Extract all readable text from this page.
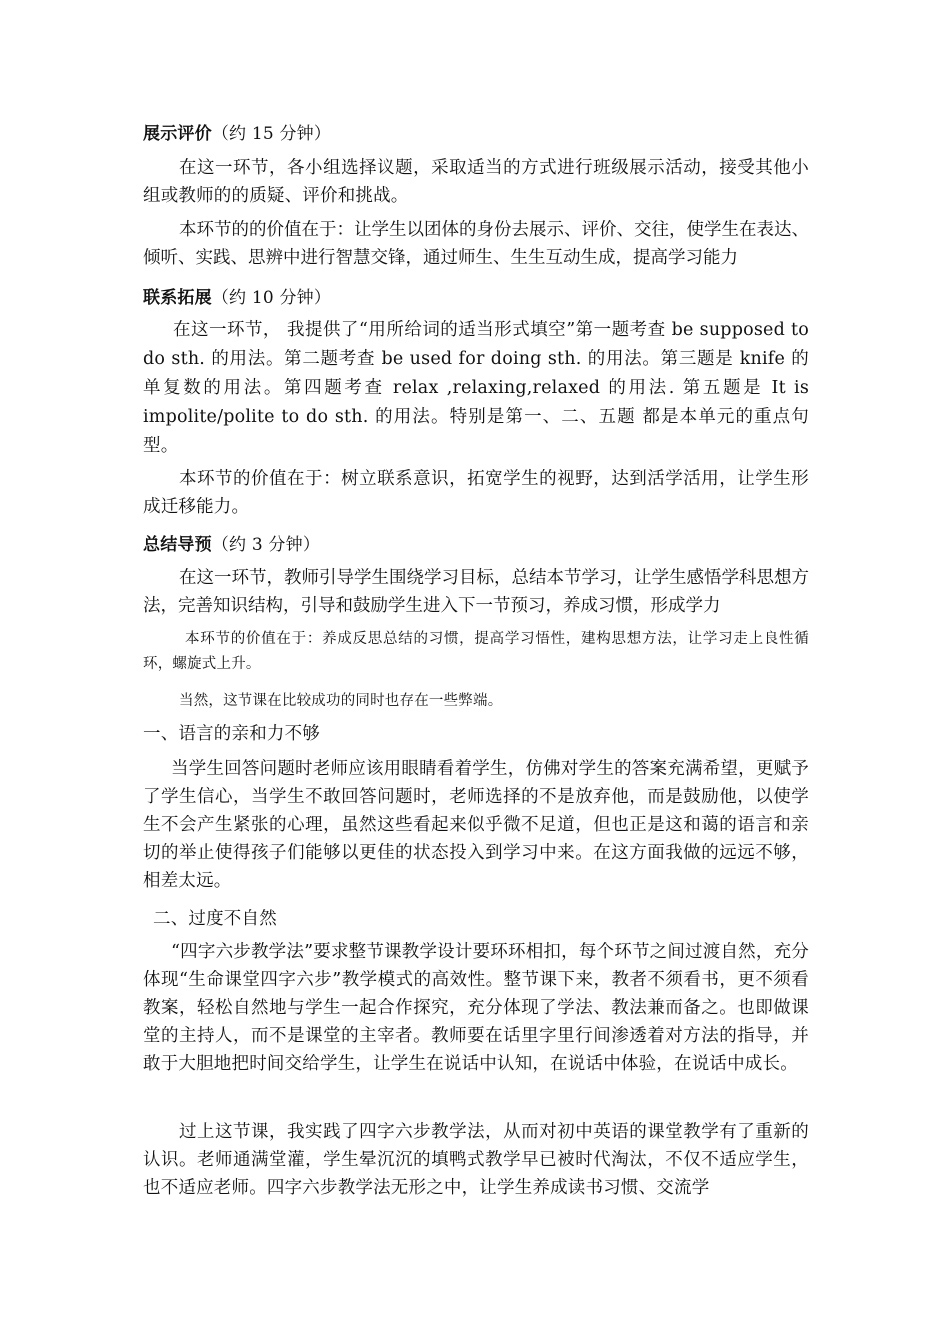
展示评价（约 15 分钟）

在这一环节，各小组选择议题，采取适当的方式进行班级展示活动，接受其他小组或教师的的质疑、评价和挑战。

本环节的的价值在于：让学生以团体的身份去展示、评价、交往，使学生在表达、倾听、实践、思辨中进行智慧交锋，通过师生、生生互动生成，提高学习能力

联系拓展（约 10 分钟）

在这一环节， 我提供了“用所给词的适当形式填空”第一题考查 be supposed to do sth. 的用法。第二题考查 be used for doing sth. 的用法。第三题是 knife 的单复数的用法。第四题考查 relax ,relaxing,relaxed 的用法. 第五题是 It is impolite/polite to do sth. 的用法。特别是第一、二、五题 都是本单元的重点句型。

本环节的价值在于：树立联系意识，拓宽学生的视野，达到活学活用，让学生形成迁移能力。

总结导预（约 3 分钟）

在这一环节，教师引导学生围绕学习目标，总结本节学习，让学生感悟学科思想方法，完善知识结构，引导和鼓励学生进入下一节预习，养成习惯，形成学力

本环节的价值在于：养成反思总结的习惯，提高学习悟性，建构思想方法，让学习走上良性循环，螺旋式上升。

当然，这节课在比较成功的同时也存在一些弊端。

一、语言的亲和力不够

当学生回答问题时老师应该用眼睛看着学生，仿佛对学生的答案充满希望，更赋予了学生信心，当学生不敢回答问题时，老师选择的不是放弃他，而是鼓励他，以使学生不会产生紧张的心理，虽然这些看起来似乎微不足道，但也正是这和蔼的语言和亲切的举止使得孩子们能够以更佳的状态投入到学习中来。在这方面我做的远远不够，相差太远。

二、过度不自然

“四字六步教学法”要求整节课教学设计要环环相扣，每个环节之间过渡自然，充分体现“生命课堂四字六步”教学模式的高效性。整节课下来，教者不须看书，更不须看教案，轻松自然地与学生一起合作探究，充分体现了学法、教法兼而备之。也即做课堂的主持人，而不是课堂的主宰者。教师要在话里字里行间渗透着对方法的指导，并敢于大胆地把时间交给学生，让学生在说话中认知，在说话中体验，在说话中成长。

过上这节课，我实践了四字六步教学法，从而对初中英语的课堂教学有了重新的认识。老师通满堂灌，学生晕沉沉的填鸭式教学早已被时代淘汰，不仅不适应学生，也不适应老师。四字六步教学法无形之中，让学生养成读书习惯、交流学
